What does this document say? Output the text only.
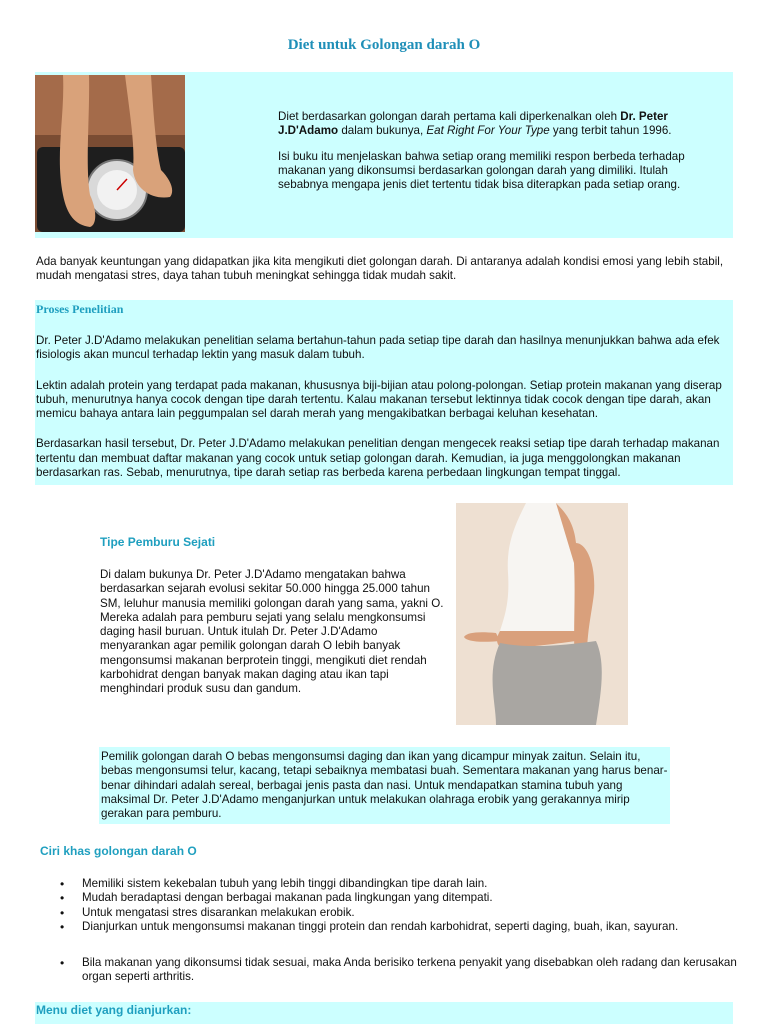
Diet untuk Golongan darah O

Diet berdasarkan golongan darah pertama kali diperkenalkan oleh Dr. Peter J.D'Adamo dalam bukunya, Eat Right For Your Type yang terbit tahun 1996.

Isi buku itu menjelaskan bahwa setiap orang memiliki respon berbeda terhadap makanan yang dikonsumsi berdasarkan golongan darah yang dimiliki. Itulah sebabnya mengapa jenis diet tertentu tidak bisa diterapkan pada setiap orang.

Ada banyak keuntungan yang didapatkan jika kita mengikuti diet golongan darah. Di antaranya adalah kondisi emosi yang lebih stabil, mudah mengatasi stres, daya tahan tubuh meningkat sehingga tidak mudah sakit.
Proses Penelitian

Dr. Peter J.D'Adamo melakukan penelitian selama bertahun-tahun pada setiap tipe darah dan hasilnya menunjukkan bahwa ada efek fisiologis akan muncul terhadap lektin yang masuk dalam tubuh.

Lektin adalah protein yang terdapat pada makanan, khususnya biji-bijian atau polong-polongan. Setiap protein makanan yang diserap tubuh, menurutnya hanya cocok dengan tipe darah tertentu. Kalau makanan tersebut lektinnya tidak cocok dengan tipe darah, akan memicu bahaya antara lain peggumpalan sel darah merah yang mengakibatkan berbagai keluhan kesehatan.

Berdasarkan hasil tersebut, Dr. Peter J.D'Adamo melakukan penelitian dengan mengecek reaksi setiap tipe darah terhadap makanan tertentu dan membuat daftar makanan yang cocok untuk setiap golongan darah. Kemudian, ia juga menggolongkan makanan berdasarkan ras. Sebab, menurutnya, tipe darah setiap ras berbeda karena perbedaan lingkungan tempat tinggal.

Tipe Pemburu Sejati
Di dalam bukunya Dr. Peter J.D'Adamo mengatakan bahwa berdasarkan sejarah evolusi sekitar 50.000 hingga 25.000 tahun SM, leluhur manusia memiliki golongan darah yang sama, yakni O. Mereka adalah para pemburu sejati yang selalu mengkonsumsi daging hasil buruan. Untuk itulah Dr. Peter J.D'Adamo menyarankan agar pemilik golongan darah O lebih banyak mengonsumsi makanan berprotein tinggi, mengikuti diet rendah karbohidrat dengan banyak makan daging atau ikan tapi menghindari produk susu dan gandum.
Pemilik golongan darah O bebas mengonsumsi daging dan ikan yang dicampur minyak zaitun. Selain itu, bebas mengonsumsi telur, kacang, tetapi sebaiknya membatasi buah. Sementara makanan yang harus benar-benar dihindari adalah sereal, berbagai jenis pasta dan nasi. Untuk mendapatkan stamina tubuh yang maksimal Dr. Peter J.D'Adamo menganjurkan untuk melakukan olahraga erobik yang gerakannya mirip gerakan para pemburu.
Ciri khas golongan darah O
• Memiliki sistem kekebalan tubuh yang lebih tinggi dibandingkan tipe darah lain.
• Mudah beradaptasi dengan berbagai makanan pada lingkungan yang ditempati.
• Untuk mengatasi stres disarankan melakukan erobik.
• Dianjurkan untuk mengonsumsi makanan tinggi protein dan rendah karbohidrat, seperti daging, buah, ikan, sayuran.
• Bila makanan yang dikonsumsi tidak sesuai, maka Anda berisiko terkena penyakit yang disebabkan oleh radang dan kerusakan organ seperti arthritis.
Menu diet yang dianjurkan:
